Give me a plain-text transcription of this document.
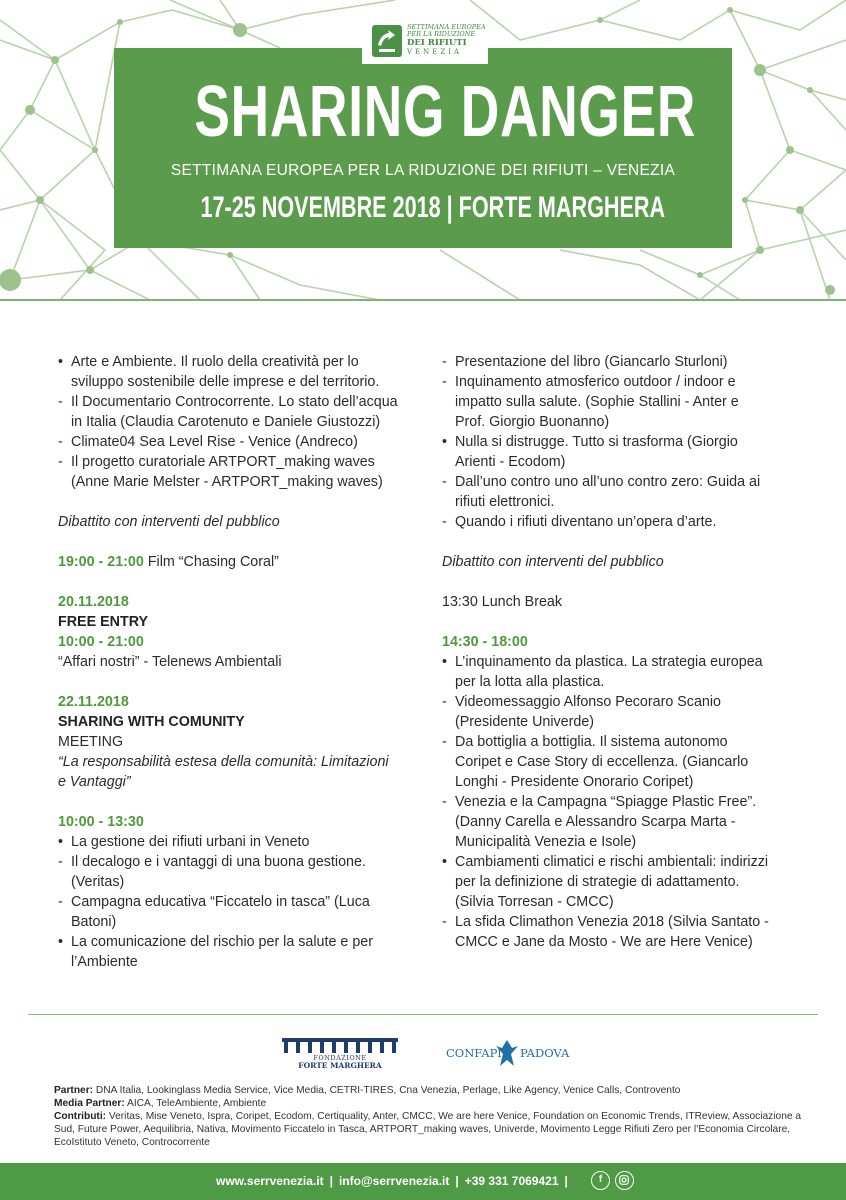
SHARING DANGER
SETTIMANA EUROPEA PER LA RIDUZIONE DEI RIFIUTI – VENEZIA
17-25 NOVEMBRE 2018 | FORTE MARGHERA
SETTIMANA EUROPEA
PER LA RIDUZIONE
DEI RIFIUTI
VENEZIA
• Arte e Ambiente. Il ruolo della creatività per lo
sviluppo sostenibile delle imprese e del territorio.
- Il Documentario Controcorrente. Lo stato dell’acqua
in Italia (Claudia Carotenuto e Daniele Giustozzi)
- Climate04 Sea Level Rise - Venice (Andreco)
- Il progetto curatoriale ARTPORT_making waves
(Anne Marie Melster - ARTPORT_making waves)
Dibattito con interventi del pubblico
19:00 - 21:00 Film “Chasing Coral”
20.11.2018
FREE ENTRY
10:00 - 21:00
“Affari nostri” - Telenews Ambientali
22.11.2018
SHARING WITH COMUNITY
MEETING
“La responsabilità estesa della comunità: Limitazioni
e Vantaggi”
10:00 - 13:30
• La gestione dei rifiuti urbani in Veneto
- Il decalogo e i vantaggi di una buona gestione.
(Veritas)
- Campagna educativa “Ficcatelo in tasca” (Luca
Batoni)
• La comunicazione del rischio per la salute e per
l’Ambiente
- Presentazione del libro (Giancarlo Sturloni)
- Inquinamento atmosferico outdoor / indoor e
impatto sulla salute. (Sophie Stallini - Anter e
Prof. Giorgio Buonanno)
• Nulla si distrugge. Tutto si trasforma (Giorgio
Arienti - Ecodom)
- Dall’uno contro uno all’uno contro zero: Guida ai
rifiuti elettronici.
- Quando i rifiuti diventano un’opera d’arte.
Dibattito con interventi del pubblico
13:30 Lunch Break
14:30 - 18:00
• L’inquinamento da plastica. La strategia europea
per la lotta alla plastica.
- Videomessaggio Alfonso Pecoraro Scanio
(Presidente Univerde)
- Da bottiglia a bottiglia. Il sistema autonomo
Coripet e Case Story di eccellenza. (Giancarlo
Longhi - Presidente Onorario Coripet)
- Venezia e la Campagna “Spiagge Plastic Free”.
(Danny Carella e Alessandro Scarpa Marta -
Municipalità Venezia e Isole)
• Cambiamenti climatici e rischi ambientali: indirizzi
per la definizione di strategie di adattamento.
(Silvia Torresan - CMCC)
- La sfida Climathon Venezia 2018 (Silvia Santato -
CMCC e Jane da Mosto - We are Here Venice)
FONDAZIONE
FORTE MARGHERA
CONFAPI PADOVA
Partner: DNA Italia, Lookinglass Media Service, Vice Media, CETRI-TIRES, Cna Venezia, Perlage, Like Agency, Venice Calls, Controvento
Media Partner: AICA, TeleAmbiente, Ambiente
Contributi: Veritas, Mise Veneto, Ispra, Coripet, Ecodom, Certiquality, Anter, CMCC, We are here Venice, Foundation on Economic Trends, ITReview, Associazione a Sud, Future Power, Aequilibria, Nativa, Movimento Ficcatelo in Tasca, ARTPORT_making waves, Univerde, Movimento Legge Rifiuti Zero per l’Economia Circolare, EcoIstituto Veneto, Controcorrente
www.serrvenezia.it | info@serrvenezia.it | +39 331 7069421 |	f
